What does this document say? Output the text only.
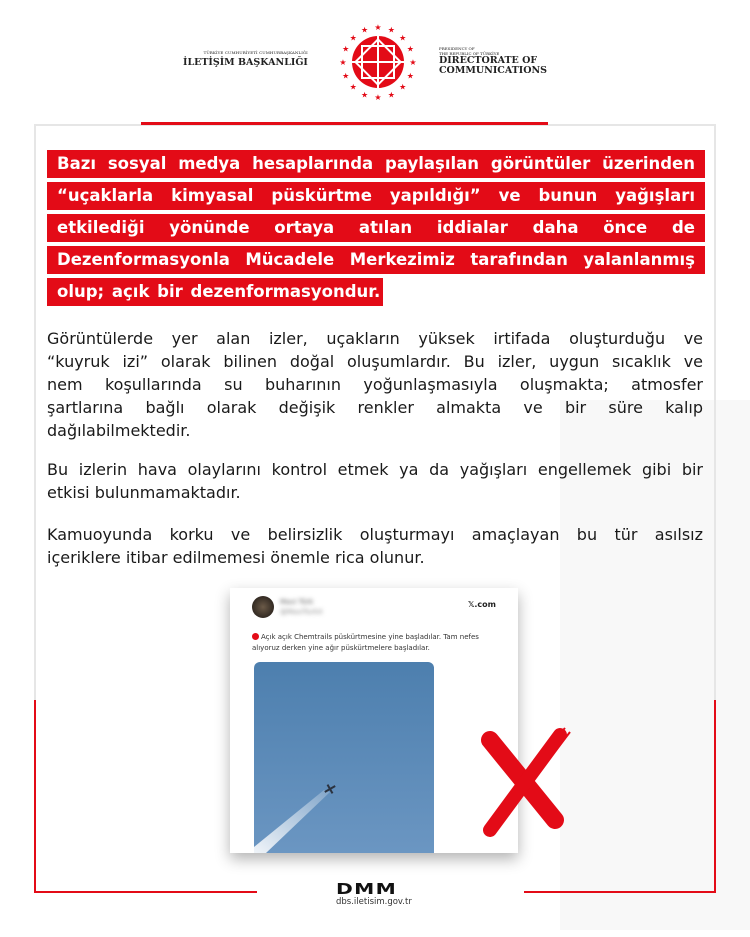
TÜRKİYE CUMHURİYETİ CUMHURBAŞKANLIĞI
İLETİŞİM BAŞKANLIĞI
★ ★
★
★
★
★
★
★
★
★
★
★
★
★
★
★
PRESIDENCY OF
THE REPUBLIC OF TÜRKİYE
DIRECTORATE OF
COMMUNICATIONS
Bazı sosyal medya hesaplarında paylaşılan görüntüler üzerinden
“uçaklarla kimyasal püskürtme yapıldığı” ve bunun yağışları
etkilediği yönünde ortaya atılan iddialar daha önce de
Dezenformasyonla Mücadele Merkezimiz tarafından yalanlanmış
olup; açık bir dezenformasyondur.
Görüntülerde yer alan izler, uçakların yüksek irtifada oluşturduğu ve
“kuyruk izi” olarak bilinen doğal oluşumlardır. Bu izler, uygun sıcaklık ve
nem koşullarında su buharının yoğunlaşmasıyla oluşmakta; atmosfer
şartlarına bağlı olarak değişik renkler almakta ve bir süre kalıp
dağılabilmektedir.
Bu izlerin hava olaylarını kontrol etmek ya da yağışları engellemek gibi bir
etkisi bulunmamaktadır.
Kamuoyunda korku ve belirsizlik oluşturmayı amaçlayan bu tür asılsız
içeriklere itibar edilmemesi önemle rica olunur.
Mavi Türk
@MaviTurkX
𝕏.com
Açık açık Chemtrails püskürtmesine yine başladılar. Tam nefes alıyoruz derken yine ağır püskürtmelere başladılar.
DMM
dbs.iletisim.gov.tr
